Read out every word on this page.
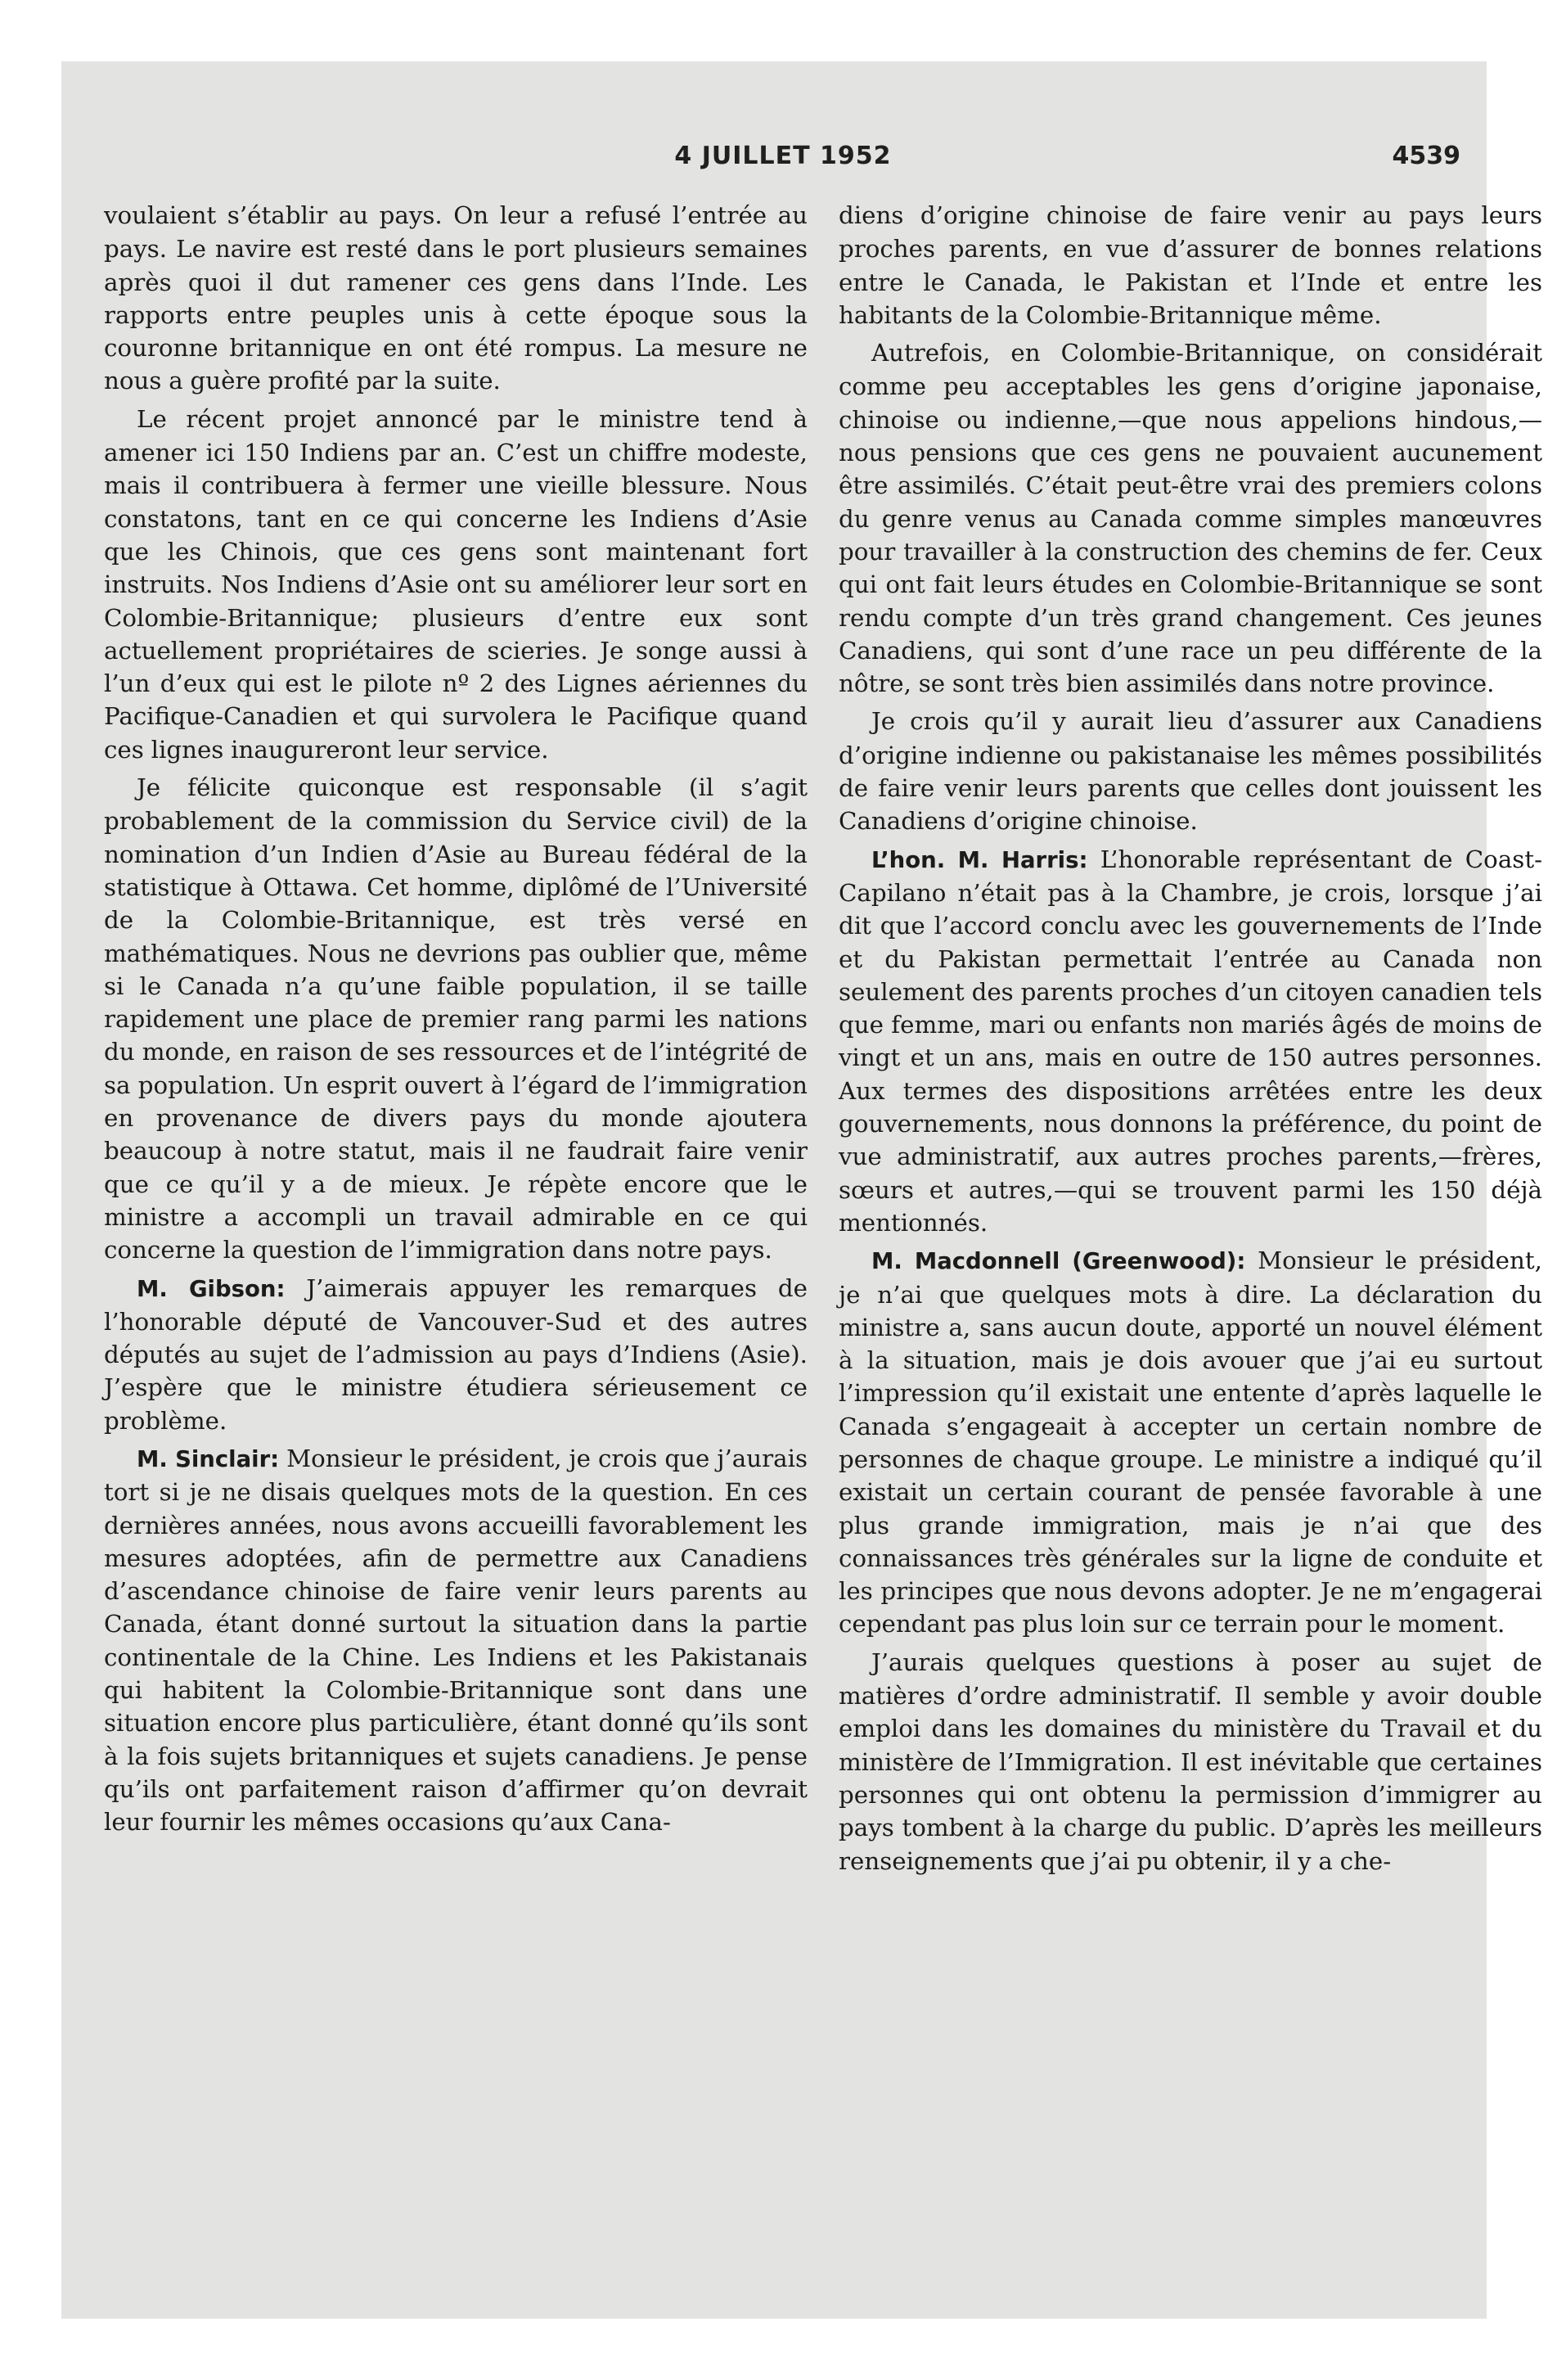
4 JUILLET 1952	4539

voulaient s’établir au pays. On leur a refusé l’entrée au pays. Le navire est resté dans le port plusieurs semaines après quoi il dut ramener ces gens dans l’Inde. Les rapports entre peuples unis à cette époque sous la couronne britannique en ont été rompus. La mesure ne nous a guère profité par la suite.

Le récent projet annoncé par le ministre tend à amener ici 150 Indiens par an. C’est un chiffre modeste, mais il contribuera à fermer une vieille blessure. Nous constatons, tant en ce qui concerne les Indiens d’Asie que les Chinois, que ces gens sont maintenant fort instruits. Nos Indiens d’Asie ont su améliorer leur sort en Colombie-Britannique; plusieurs d’entre eux sont actuellement propriétaires de scieries. Je songe aussi à l’un d’eux qui est le pilote nº 2 des Lignes aériennes du Pacifique-Canadien et qui survolera le Pacifique quand ces lignes inaugureront leur service.

Je félicite quiconque est responsable (il s’agit probablement de la commission du Service civil) de la nomination d’un Indien d’Asie au Bureau fédéral de la statistique à Ottawa. Cet homme, diplômé de l’Université de la Colombie-Britannique, est très versé en mathématiques. Nous ne devrions pas oublier que, même si le Canada n’a qu’une faible population, il se taille rapidement une place de premier rang parmi les nations du monde, en raison de ses ressources et de l’intégrité de sa population. Un esprit ouvert à l’égard de l’immigration en provenance de divers pays du monde ajoutera beaucoup à notre statut, mais il ne faudrait faire venir que ce qu’il y a de mieux. Je répète encore que le ministre a accompli un travail admirable en ce qui concerne la question de l’immigration dans notre pays.

M. Gibson: J’aimerais appuyer les remarques de l’honorable député de Vancouver-Sud et des autres députés au sujet de l’admission au pays d’Indiens (Asie). J’espère que le ministre étudiera sérieusement ce problème.

M. Sinclair: Monsieur le président, je crois que j’aurais tort si je ne disais quelques mots de la question. En ces dernières années, nous avons accueilli favorablement les mesures adoptées, afin de permettre aux Canadiens d’ascendance chinoise de faire venir leurs parents au Canada, étant donné surtout la situation dans la partie continentale de la Chine. Les Indiens et les Pakistanais qui habitent la Colombie-Britannique sont dans une situation encore plus particulière, étant donné qu’ils sont à la fois sujets britanniques et sujets canadiens. Je pense qu’ils ont parfaitement raison d’affirmer qu’on devrait leur fournir les mêmes occasions qu’aux Cana-

diens d’origine chinoise de faire venir au pays leurs proches parents, en vue d’assurer de bonnes relations entre le Canada, le Pakistan et l’Inde et entre les habitants de la Colombie-Britannique même.

Autrefois, en Colombie-Britannique, on considérait comme peu acceptables les gens d’origine japonaise, chinoise ou indienne,—que nous appelions hindous,—nous pensions que ces gens ne pouvaient aucunement être assimilés. C’était peut-être vrai des premiers colons du genre venus au Canada comme simples manœuvres pour travailler à la construction des chemins de fer. Ceux qui ont fait leurs études en Colombie-Britannique se sont rendu compte d’un très grand changement. Ces jeunes Canadiens, qui sont d’une race un peu différente de la nôtre, se sont très bien assimilés dans notre province.

Je crois qu’il y aurait lieu d’assurer aux Canadiens d’origine indienne ou pakistanaise les mêmes possibilités de faire venir leurs parents que celles dont jouissent les Canadiens d’origine chinoise.

L’hon. M. Harris: L’honorable représentant de Coast-Capilano n’était pas à la Chambre, je crois, lorsque j’ai dit que l’accord conclu avec les gouvernements de l’Inde et du Pakistan permettait l’entrée au Canada non seulement des parents proches d’un citoyen canadien tels que femme, mari ou enfants non mariés âgés de moins de vingt et un ans, mais en outre de 150 autres personnes. Aux termes des dispositions arrêtées entre les deux gouvernements, nous donnons la préférence, du point de vue administratif, aux autres proches parents,—frères, sœurs et autres,—qui se trouvent parmi les 150 déjà mentionnés.

M. Macdonnell (Greenwood): Monsieur le président, je n’ai que quelques mots à dire. La déclaration du ministre a, sans aucun doute, apporté un nouvel élément à la situation, mais je dois avouer que j’ai eu surtout l’impression qu’il existait une entente d’après laquelle le Canada s’engageait à accepter un certain nombre de personnes de chaque groupe. Le ministre a indiqué qu’il existait un certain courant de pensée favorable à une plus grande immigration, mais je n’ai que des connaissances très générales sur la ligne de conduite et les principes que nous devons adopter. Je ne m’engagerai cependant pas plus loin sur ce terrain pour le moment.

J’aurais quelques questions à poser au sujet de matières d’ordre administratif. Il semble y avoir double emploi dans les domaines du ministère du Travail et du ministère de l’Immigration. Il est inévitable que certaines personnes qui ont obtenu la permission d’immigrer au pays tombent à la charge du public. D’après les meilleurs renseignements que j’ai pu obtenir, il y a che-
